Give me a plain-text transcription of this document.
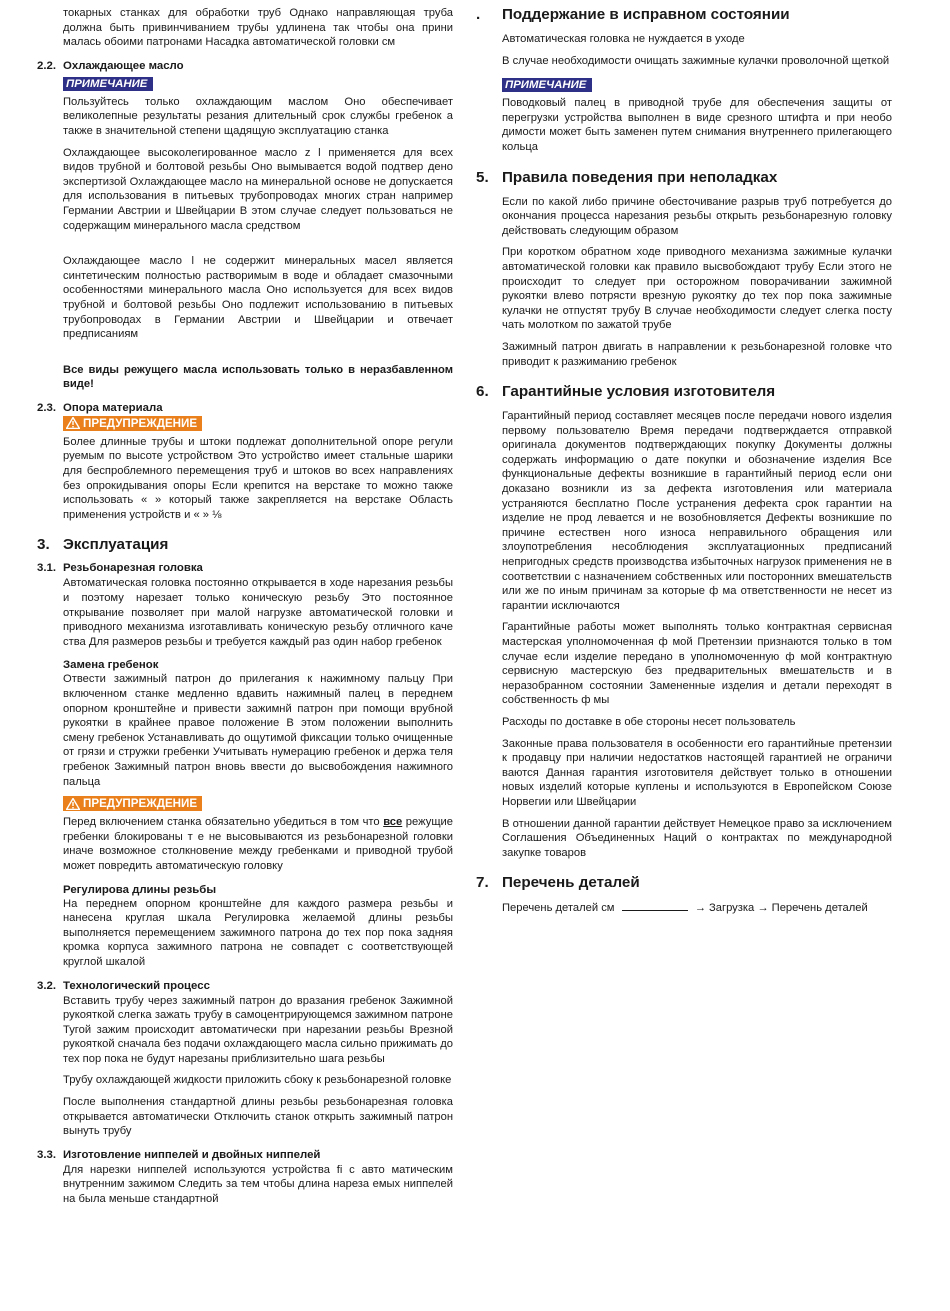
токарных станках для обработки труб Однако направляющая труба должна быть привинчиванием трубы удлинена так чтобы она прини малась обоими патронами Насадка автоматической головки см

2.2. Охлаждающее масло
ПРИМЕЧАНИЕ

Пользуйтесь только охлаждающим маслом Оно обеспечивает великолепные результаты резания длительный срок службы гребенок а также в значительной степени щадящую эксплуатацию станка

Охлаждающее высоколегированное масло z l применяется для всех видов трубной и болтовой резьбы Оно вымывается водой подтвер дено экспертизой Охлаждающее масло на минеральной основе не допускается для использования в питьевых трубопроводах многих стран например Германии Австрии и Швейцарии В этом случае следует пользоваться не содержащим минерального масла средством

Охлаждающее масло l не содержит минеральных масел является синтетическим полностью растворимым в воде и обладает смазочными особенностями минерального масла Оно используется для всех видов трубной и болтовой резьбы Оно подлежит использованию в питьевых трубопроводах в Германии Австрии и Швейцарии и отвечает предписаниям

Все виды режущего масла использовать только в неразбавленном виде!

2.3. Опора материала
ПРЕДУПРЕЖДЕНИЕ

Более длинные трубы и штоки подлежат дополнительной опоре регули руемым по высоте устройством Это устройство имеет стальные шарики для беспроблемного перемещения труб и штоков во всех направлениях без опрокидывания опоры Если крепится на верстаке то можно также использовать « » который также закрепляется на верстаке Область применения устройств и « » ⅛

3. Эксплуатация
3.1. Резьбонарезная головка

Автоматическая головка постоянно открывается в ходе нарезания резьбы и поэтому нарезает только коническую резьбу Это постоянное открывание позволяет при малой нагрузке автоматической головки и приводного механизма изготавливать коническую резьбу отличного каче ства Для размеров резьбы и требуется каждый раз один набор гребенок

Замена гребенок

Отвести зажимный патрон до прилегания к нажимному пальцу При включенном станке медленно вдавить нажимный палец в переднем опорном кронштейне и привести зажимнй патрон при помощи врубной рукоятки в крайнее правое положение В этом положении выполнить смену гребенок Устанавливать до ощутимой фиксации только очищенные от грязи и стружки гребенки Учитывать нумерацию гребенок и держа теля гребенок Зажимный патрон вновь ввести до высвобождения нажимного пальца

ПРЕДУПРЕЖДЕНИЕ

Перед включением станка обязательно убедиться в том что все режущие гребенки блокированы т е не высовываются из резьбонарезной головки иначе возможное столкновение между гребенками и приводной трубой может повредить автоматическую головку

Регулирова длины резьбы

На переднем опорном кронштейне для каждого размера резьбы и нанесена круглая шкала Регулировка желаемой длины резьбы выполняется перемещением зажимного патрона до тех пор пока задняя кромка корпуса зажимного патрона не совпадет с соответствующей круглой шкалой

3.2. Технологический процесс

Вставить трубу через зажимный патрон до вразания гребенок Зажимной рукояткой слегка зажать трубу в самоцентрирующемся зажимном патроне Тугой зажим происходит автоматически при нарезании резьбы Врезной рукояткой сначала без подачи охлаждающего масла сильно прижимать до тех пор пока не будут нарезаны приблизительно шага резьбы

Трубу охлаждающей жидкости приложить сбоку к резьбонарезной головке

После выполнения стандартной длины резьбы резьбонарезная головка открывается автоматически Отключить станок открыть зажимный патрон вынуть трубу

3.3. Изготовление ниппелей и двойных ниппелей

Для нарезки ниппелей используются устройства fi с авто матическим внутренним зажимом Следить за тем чтобы длина нареза емых ниппелей на была меньше стандартной

.	Поддержание в исправном состоянии

Автоматическая головка не нуждается в уходе

В случае необходимости очищать зажимные кулачки проволочной щеткой

ПРИМЕЧАНИЕ

Поводковый палец в приводной трубе для обеспечения защиты от перегрузки устройства выполнен в виде срезного штифта и при необо димости может быть заменен путем снимания внутреннего прилегающего кольца

5. Правила поведения при неполадках

Если по какой либо причине обесточивание разрыв труб потребуется до окончания процесса нарезания резьбы открыть резьбонарезную головку действовать следующим образом

При коротком обратном ходе приводного механизма зажимные кулачки автоматической головки как правило высвобождают трубу Если этого не происходит то следует при осторожном поворачивании зажимной рукоятки влево потрясти врезную рукоятку до тех пор пока зажимные кулачки не отпустят трубу В случае необходимости следует слегка посту чать молотком по зажатой трубе

Зажимный патрон двигать в направлении к резьбонарезной головке что приводит к разжиманию гребенок

6. Гарантийные условия изготовителя

Гарантийный период составляет месяцев после передачи нового изделия первому пользователю Время передачи подтверждается отправкой оригинала документов подтверждающих покупку Документы должны содержать информацию о дате покупки и обозначение изделия Все функциональные дефекты возникшие в гарантийный период если они доказано возникли из за дефекта изготовления или материала устраняются бесплатно После устранения дефекта срок гарантии на изделие не прод левается и не возобновляется Дефекты возникшие по причине естествен ного износа неправильного обращения или злоупотребления несоблюдения эксплуатационных предписаний непригодных средств производства избыточных нагрузок применения не в соответствии с назначением собственных или посторонних вмешательств или же по иным причинам за которые ф ма ответственности не несет из гарантии исключаются

Гарантийные работы может выполнять только контрактная сервисная мастерская уполномоченная ф мой Претензии признаются только в том случае если изделие передано в уполномоченную ф мой контрактную сервисную мастерскую без предварительных вмешательств и в неразобранном состоянии Замененные изделия и детали переходят в собственность ф мы

Расходы по доставке в обе стороны несет пользователь

Законные права пользователя в особенности его гарантийные претензии к продавцу при наличии недостатков настоящей гарантией не ограничи ваются Данная гарантия изготовителя действует только в отношении новых изделий которые куплены и используются в Европейском Союзе Норвегии или Швейцарии

В отношении данной гарантии действует Немецкое право за исключением Соглашения Объединенных Наций о контрактах по международной закупке товаров

7. Перечень деталей

Перечень деталей см	→ Загрузка → Перечень деталей
